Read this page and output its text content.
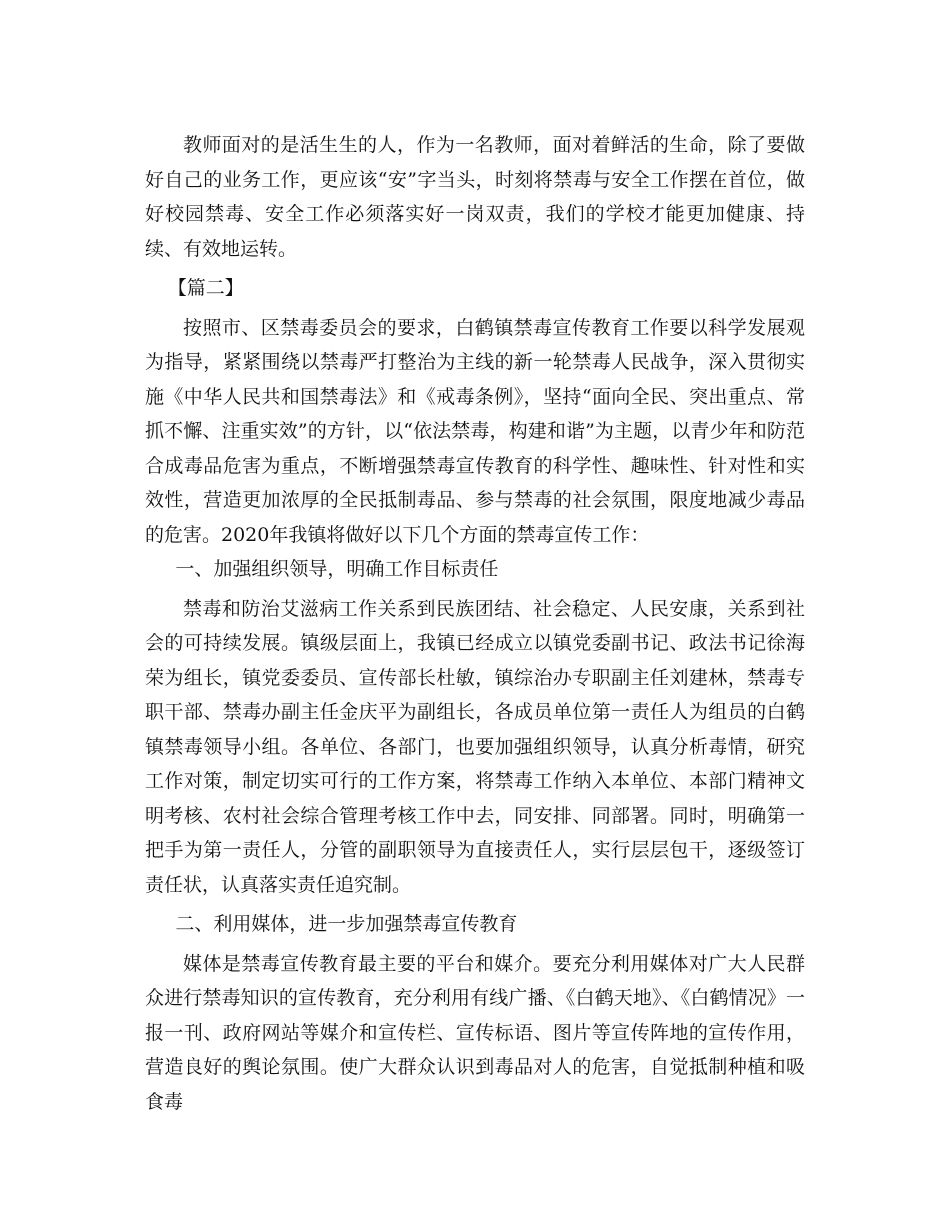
教师面对的是活生生的人，作为一名教师，面对着鲜活的生命，除了要做好自己的业务工作，更应该“安”字当头，时刻将禁毒与安全工作摆在首位，做好校园禁毒、安全工作必须落实好一岗双责，我们的学校才能更加健康、持续、有效地运转。

【篇二】

按照市、区禁毒委员会的要求，白鹤镇禁毒宣传教育工作要以科学发展观为指导，紧紧围绕以禁毒严打整治为主线的新一轮禁毒人民战争，深入贯彻实施《中华人民共和国禁毒法》和《戒毒条例》，坚持“面向全民、突出重点、常抓不懈、注重实效”的方针，以“依法禁毒，构建和谐”为主题，以青少年和防范合成毒品危害为重点，不断增强禁毒宣传教育的科学性、趣味性、针对性和实效性，营造更加浓厚的全民抵制毒品、参与禁毒的社会氛围，限度地减少毒品的危害。2020年我镇将做好以下几个方面的禁毒宣传工作：

一、加强组织领导，明确工作目标责任

禁毒和防治艾滋病工作关系到民族团结、社会稳定、人民安康，关系到社会的可持续发展。镇级层面上，我镇已经成立以镇党委副书记、政法书记徐海荣为组长，镇党委委员、宣传部长杜敏，镇综治办专职副主任刘建林，禁毒专职干部、禁毒办副主任金庆平为副组长，各成员单位第一责任人为组员的白鹤镇禁毒领导小组。各单位、各部门，也要加强组织领导，认真分析毒情，研究工作对策，制定切实可行的工作方案，将禁毒工作纳入本单位、本部门精神文明考核、农村社会综合管理考核工作中去，同安排、同部署。同时，明确第一把手为第一责任人，分管的副职领导为直接责任人，实行层层包干，逐级签订责任状，认真落实责任追究制。

二、利用媒体，进一步加强禁毒宣传教育

媒体是禁毒宣传教育最主要的平台和媒介。要充分利用媒体对广大人民群众进行禁毒知识的宣传教育，充分利用有线广播、《白鹤天地》、《白鹤情况》一报一刊、政府网站等媒介和宣传栏、宣传标语、图片等宣传阵地的宣传作用，营造良好的舆论氛围。使广大群众认识到毒品对人的危害，自觉抵制种植和吸食毒
